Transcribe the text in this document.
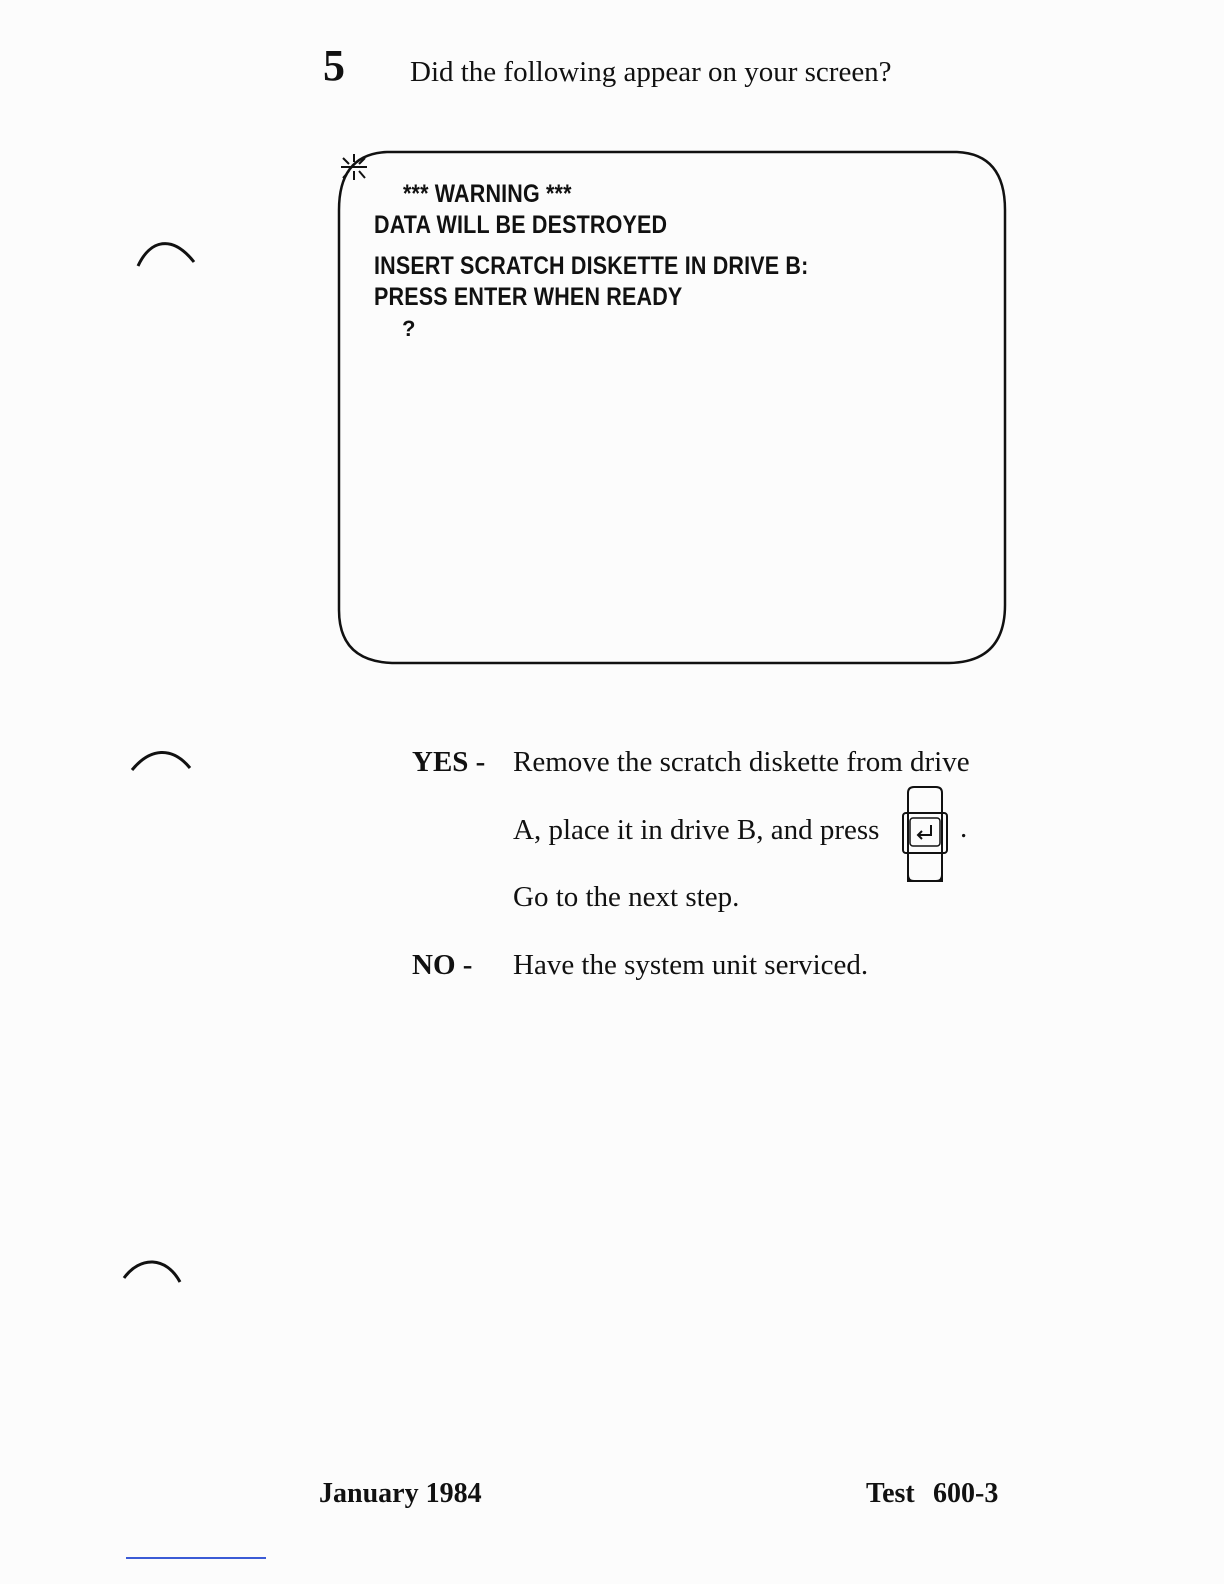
5 Did the following appear on your screen?
*** WARNING ***
DATA WILL BE DESTROYED
INSERT SCRATCH DISKETTE IN DRIVE B:
PRESS ENTER WHEN READY
?
YES - Remove the scratch diskette from drive
A, place it in drive B, and press	.
Go to the next step.
NO - Have the system unit serviced.
January 1984	Test 600-3
